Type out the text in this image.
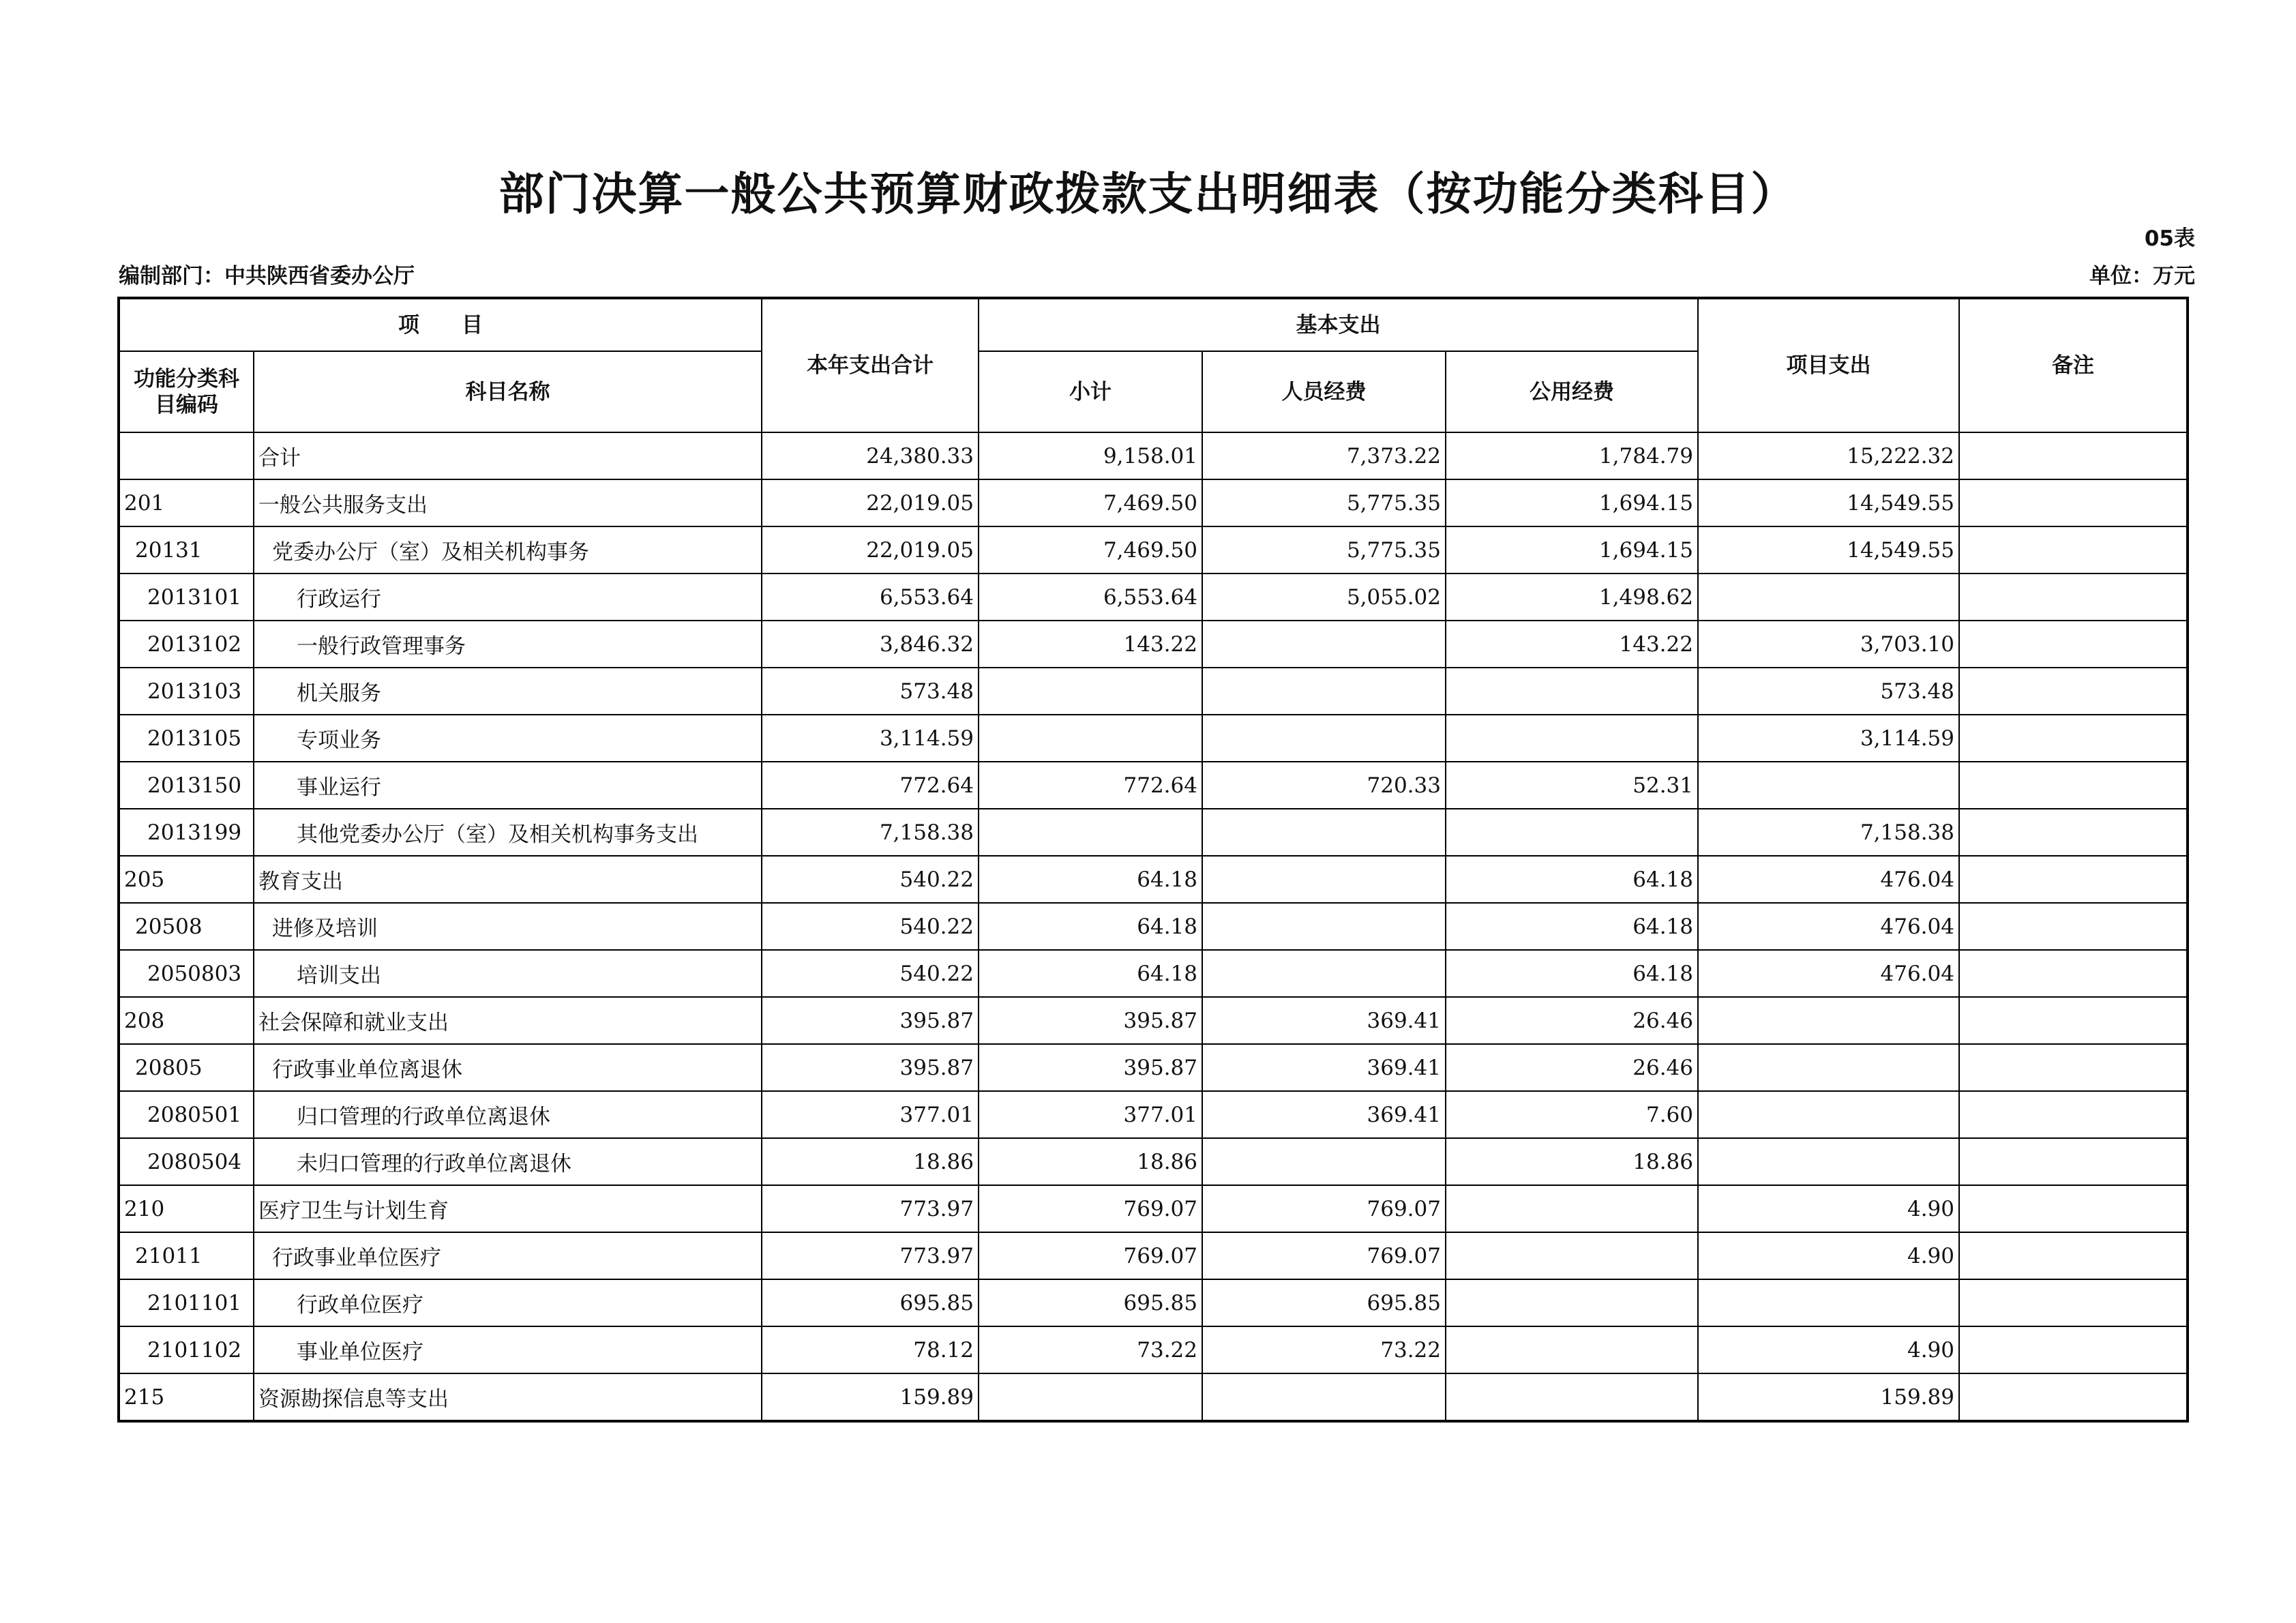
部门决算一般公共预算财政拨款支出明细表（按功能分类科目）
05表
编制部门：中共陕西省委办公厅	单位：万元
项　　目		本年支出合计	基本支出			项目支出	备注
功能分类科目编码	科目名称		小计	人员经费	公用经费		
	合计	24,380.33	9,158.01	7,373.22	1,784.79	15,222.32	
201	一般公共服务支出	22,019.05	7,469.50	5,775.35	1,694.15	14,549.55	
20131	党委办公厅（室）及相关机构事务	22,019.05	7,469.50	5,775.35	1,694.15	14,549.55	
2013101	行政运行	6,553.64	6,553.64	5,055.02	1,498.62		
2013102	一般行政管理事务	3,846.32	143.22		143.22	3,703.10	
2013103	机关服务	573.48				573.48	
2013105	专项业务	3,114.59				3,114.59	
2013150	事业运行	772.64	772.64	720.33	52.31		
2013199	其他党委办公厅（室）及相关机构事务支出	7,158.38				7,158.38	
205	教育支出	540.22	64.18		64.18	476.04	
20508	进修及培训	540.22	64.18		64.18	476.04	
2050803	培训支出	540.22	64.18		64.18	476.04	
208	社会保障和就业支出	395.87	395.87	369.41	26.46		
20805	行政事业单位离退休	395.87	395.87	369.41	26.46		
2080501	归口管理的行政单位离退休	377.01	377.01	369.41	7.60		
2080504	未归口管理的行政单位离退休	18.86	18.86		18.86		
210	医疗卫生与计划生育	773.97	769.07	769.07		4.90	
21011	行政事业单位医疗	773.97	769.07	769.07		4.90	
2101101	行政单位医疗	695.85	695.85	695.85			
2101102	事业单位医疗	78.12	73.22	73.22		4.90	
215	资源勘探信息等支出	159.89				159.89	
